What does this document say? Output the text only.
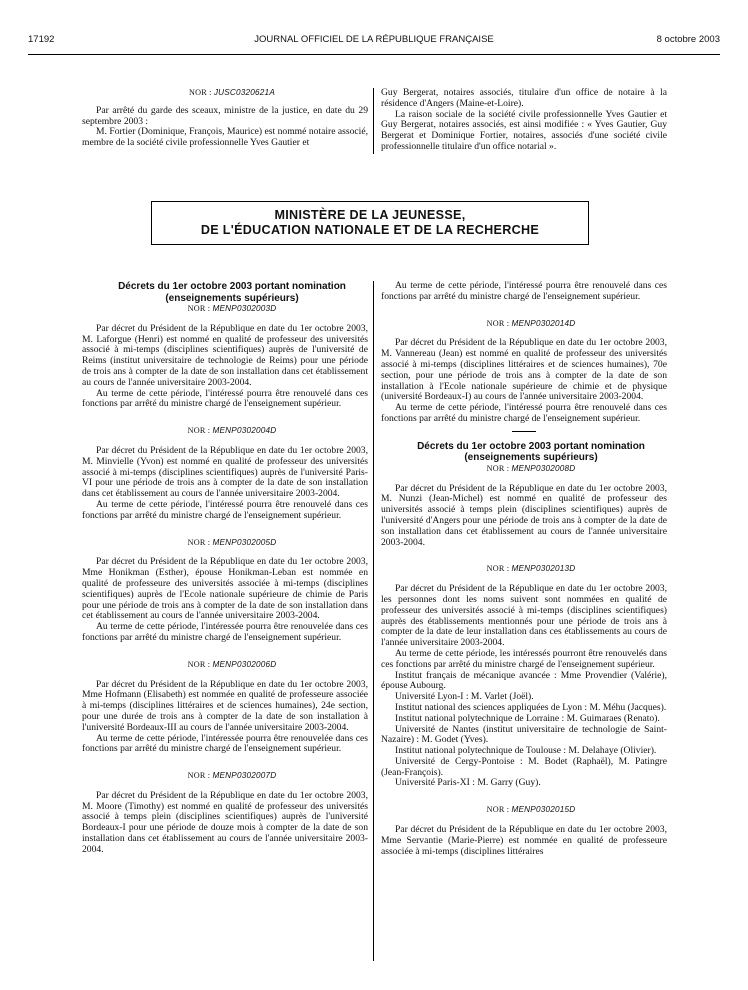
17192	JOURNAL OFFICIEL DE LA RÉPUBLIQUE FRANÇAISE	8 octobre 2003

NOR : JUSC0320621A

Par arrêté du garde des sceaux, ministre de la justice, en date du 29 septembre 2003 :

M. Fortier (Dominique, François, Maurice) est nommé notaire associé, membre de la société civile professionnelle Yves Gautier et

Guy Bergerat, notaires associés, titulaire d'un office de notaire à la résidence d'Angers (Maine-et-Loire).

La raison sociale de la société civile professionnelle Yves Gautier et Guy Bergerat, notaires associés, est ainsi modifiée : « Yves Gautier, Guy Bergerat et Dominique Fortier, notaires, associés d'une société civile professionnelle titulaire d'un office notarial ».

MINISTÈRE DE LA JEUNESSE,
DE L'ÉDUCATION NATIONALE ET DE LA RECHERCHE

Décrets du 1er octobre 2003 portant nomination

(enseignements supérieurs)

NOR : MENP0302003D

Par décret du Président de la République en date du 1er octobre 2003, M. Laforgue (Henri) est nommé en qualité de professeur des universités associé à mi-temps (disciplines scientifiques) auprès de l'université de Reims (institut universitaire de technologie de Reims) pour une période de trois ans à compter de la date de son installation dans cet établissement au cours de l'année universitaire 2003-2004.

Au terme de cette période, l'intéressé pourra être renouvelé dans ces fonctions par arrêté du ministre chargé de l'enseignement supérieur.

NOR : MENP0302004D

Par décret du Président de la République en date du 1er octobre 2003, M. Minvielle (Yvon) est nommé en qualité de professeur des universités associé à mi-temps (disciplines scientifiques) auprès de l'université Paris-VI pour une période de trois ans à compter de la date de son installation dans cet établissement au cours de l'année universitaire 2003-2004.

Au terme de cette période, l'intéressé pourra être renouvelé dans ces fonctions par arrêté du ministre chargé de l'enseignement supérieur.

NOR : MENP0302005D

Par décret du Président de la République en date du 1er octobre 2003, Mme Honikman (Esther), épouse Honikman-Leban est nommée en qualité de professeure des universités associée à mi-temps (disciplines scientifiques) auprès de l'Ecole nationale supérieure de chimie de Paris pour une période de trois ans à compter de la date de son installation dans cet établissement au cours de l'année universitaire 2003-2004.

Au terme de cette période, l'intéressée pourra être renouvelée dans ces fonctions par arrêté du ministre chargé de l'enseignement supérieur.

NOR : MENP0302006D

Par décret du Président de la République en date du 1er octobre 2003, Mme Hofmann (Elisabeth) est nommée en qualité de professeure associée à mi-temps (disciplines littéraires et de sciences humaines), 24e section, pour une durée de trois ans à compter de la date de son installation à l'université Bordeaux-III au cours de l'année universitaire 2003-2004.

Au terme de cette période, l'intéressée pourra être renouvelée dans ces fonctions par arrêté du ministre chargé de l'enseignement supérieur.

NOR : MENP0302007D

Par décret du Président de la République en date du 1er octobre 2003, M. Moore (Timothy) est nommé en qualité de professeur des universités associé à temps plein (disciplines scientifiques) auprès de l'université Bordeaux-I pour une période de douze mois à compter de la date de son installation dans cet établissement au cours de l'année universitaire 2003-2004.

Au terme de cette période, l'intéressé pourra être renouvelé dans ces fonctions par arrêté du ministre chargé de l'enseignement supérieur.

NOR : MENP0302014D

Par décret du Président de la République en date du 1er octobre 2003, M. Vannereau (Jean) est nommé en qualité de professeur des universités associé à mi-temps (disciplines littéraires et de sciences humaines), 70e section, pour une période de trois ans à compter de la date de son installation à l'Ecole nationale supérieure de chimie et de physique (université Bordeaux-I) au cours de l'année universitaire 2003-2004.

Au terme de cette période, l'intéressé pourra être renouvelé dans ces fonctions par arrêté du ministre chargé de l'enseignement supérieur.

Décrets du 1er octobre 2003 portant nomination

(enseignements supérieurs)

NOR : MENP0302008D

Par décret du Président de la République en date du 1er octobre 2003, M. Nunzi (Jean-Michel) est nommé en qualité de professeur des universités associé à temps plein (disciplines scientifiques) auprès de l'université d'Angers pour une période de trois ans à compter de la date de son installation dans cet établissement au cours de l'année universitaire 2003-2004.

NOR : MENP0302013D

Par décret du Président de la République en date du 1er octobre 2003, les personnes dont les noms suivent sont nommées en qualité de professeur des universités associé à mi-temps (disciplines scientifiques) auprès des établissements mentionnés pour une période de trois ans à compter de la date de leur installation dans ces établissements au cours de l'année universitaire 2003-2004.

Au terme de cette période, les intéressés pourront être renouvelés dans ces fonctions par arrêté du ministre chargé de l'enseignement supérieur.

Institut français de mécanique avancée : Mme Provendier (Valérie), épouse Aubourg.

Université Lyon-I : M. Varlet (Joël).

Institut national des sciences appliquées de Lyon : M. Méhu (Jacques).

Institut national polytechnique de Lorraine : M. Guimaraes (Renato).

Université de Nantes (institut universitaire de technologie de Saint-Nazaire) : M. Godet (Yves).

Institut national polytechnique de Toulouse : M. Delahaye (Olivier).

Université de Cergy-Pontoise : M. Bodet (Raphaël), M. Patingre (Jean-François).

Université Paris-XI : M. Garry (Guy).

NOR : MENP0302015D

Par décret du Président de la République en date du 1er octobre 2003, Mme Servantie (Marie-Pierre) est nommée en qualité de professeure associée à mi-temps (disciplines littéraires
